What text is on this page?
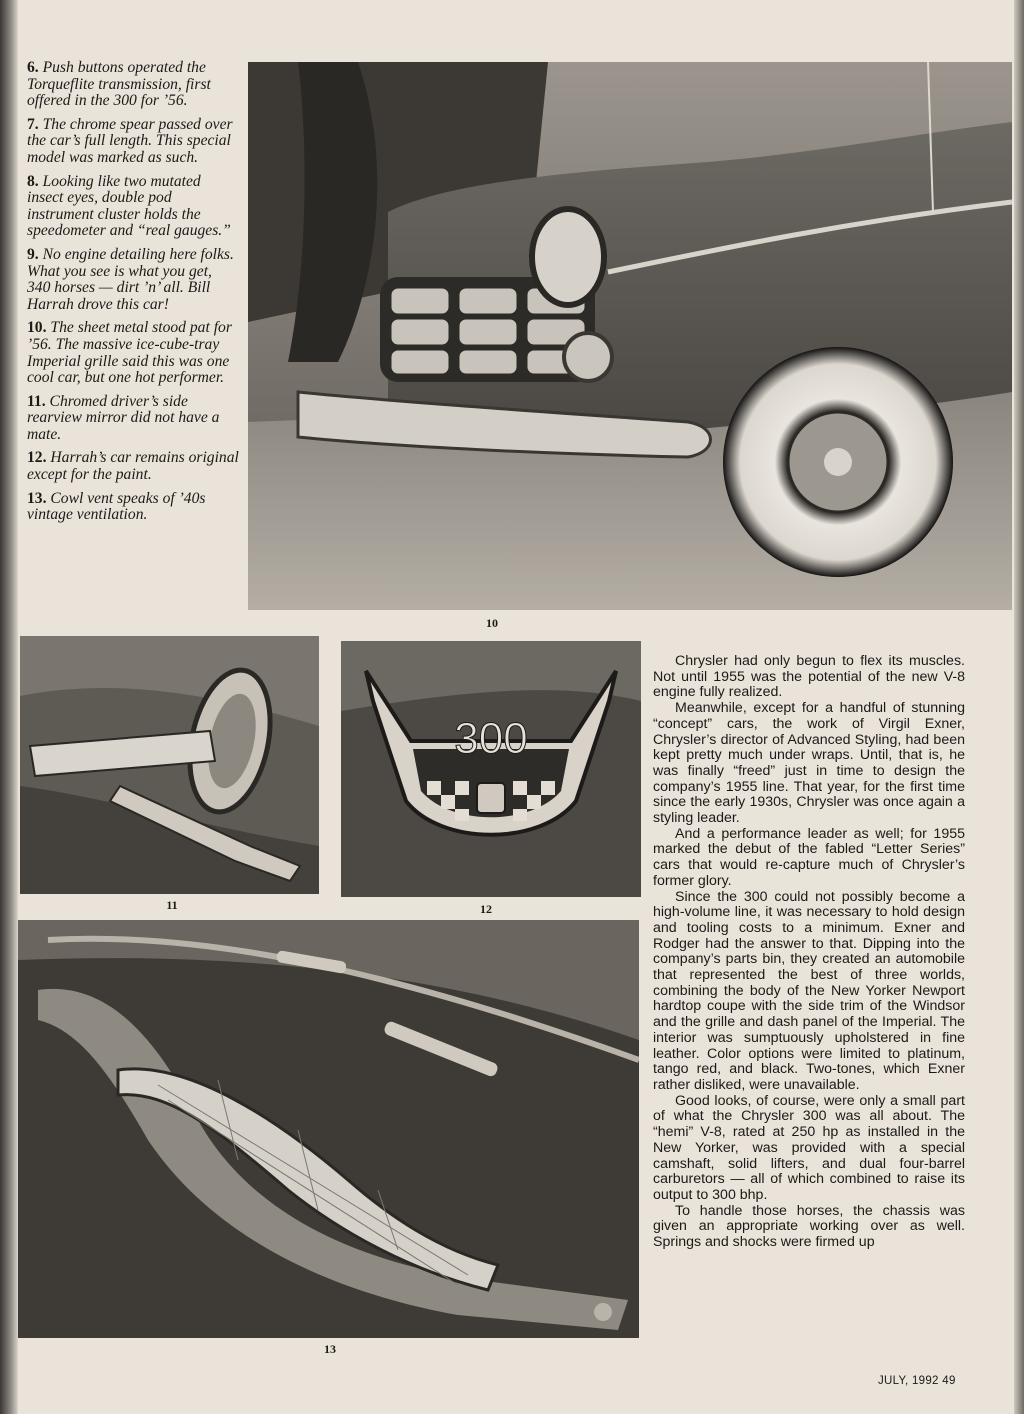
6. Push buttons operated the Torqueflite transmission, first offered in the 300 for ’56.

7. The chrome spear passed over the car’s full length. This special model was marked as such.

8. Looking like two mutated insect eyes, double pod instrument cluster holds the speedometer and “real gauges.”

9. No engine detailing here folks. What you see is what you get, 340 horses — dirt ’n’ all. Bill Harrah drove this car!

10. The sheet metal stood pat for ’56. The massive ice-cube-tray Imperial grille said this was one cool car, but one hot performer.

11. Chromed driver’s side rearview mirror did not have a mate.

12. Harrah’s car remains original except for the paint.

13. Cowl vent speaks of ’40s vintage ventilation.

10
11
300
12
13

Chrysler had only begun to flex its muscles. Not until 1955 was the potential of the new V-8 engine fully realized.

Meanwhile, except for a handful of stunning “concept” cars, the work of Virgil Exner, Chrysler’s director of Advanced Styling, had been kept pretty much under wraps. Until, that is, he was finally “freed” just in time to design the company’s 1955 line. That year, for the first time since the early 1930s, Chrysler was once again a styling leader.

And a performance leader as well; for 1955 marked the debut of the fabled “Letter Series” cars that would re-capture much of Chrysler’s former glory.

Since the 300 could not possibly become a high-volume line, it was necessary to hold design and tooling costs to a minimum. Exner and Rodger had the answer to that. Dipping into the company’s parts bin, they created an automobile that represented the best of three worlds, combining the body of the New Yorker Newport hardtop coupe with the side trim of the Windsor and the grille and dash panel of the Imperial. The interior was sumptuously upholstered in fine leather. Color options were limited to platinum, tango red, and black. Two-tones, which Exner rather disliked, were unavailable.

Good looks, of course, were only a small part of what the Chrysler 300 was all about. The “hemi” V-8, rated at 250 hp as installed in the New Yorker, was provided with a special camshaft, solid lifters, and dual four-barrel carburetors — all of which combined to raise its output to 300 bhp.

To handle those horses, the chassis was given an appropriate working over as well. Springs and shocks were firmed up

JULY, 1992 49
